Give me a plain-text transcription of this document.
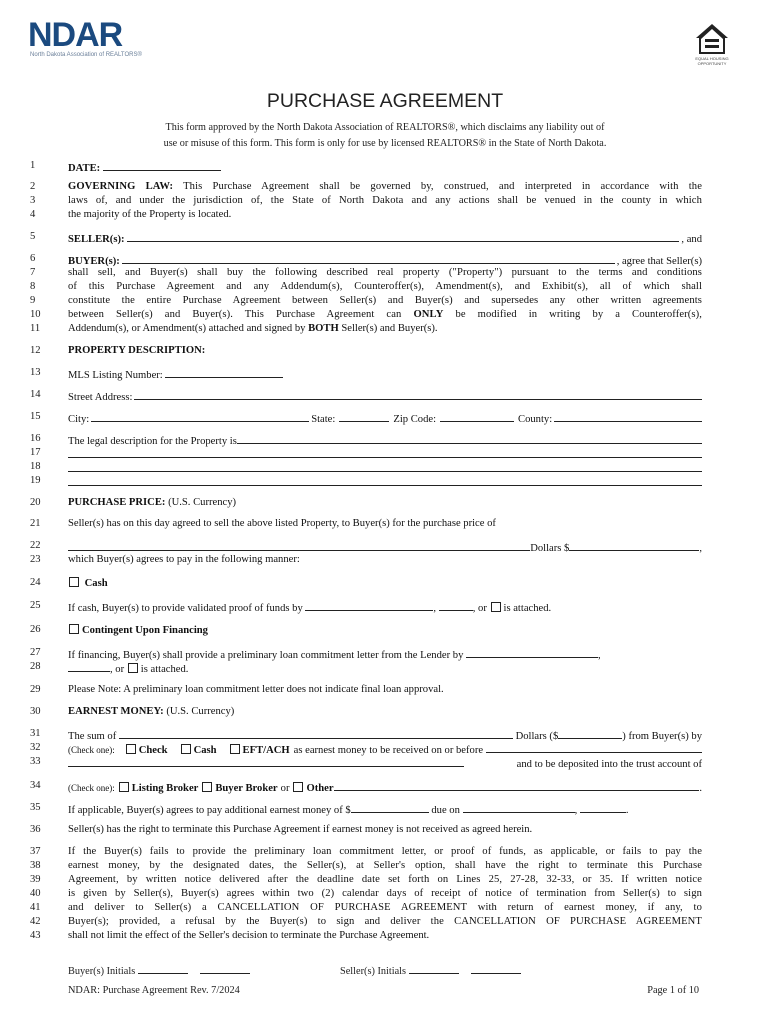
NDAR
North Dakota Association of REALTORS®
EQUAL HOUSING OPPORTUNITY
PURCHASE AGREEMENT
This form approved by the North Dakota Association of REALTORS®, which disclaims any liability out of
use or misuse of this form. This form is only for use by licensed REALTORS® in the State of North Dakota.
1
2
3
4
5
6
7
8
9
10
11
12
13
14
15
16
17
18
19
20
21
22
23
24
25
26
27
28
29
30
31
32
33
34
35
36
37
38
39
40
41
42
43
DATE:
GOVERNING LAW: This Purchase Agreement shall be governed by, construed, and interpreted in accordance with the
laws of, and under the jurisdiction of, the State of North Dakota and any actions shall be venued in the county in which
the majority of the Property is located.
SELLER(s):	, and
BUYER(s):	, agree that Seller(s)
shall sell, and Buyer(s) shall buy the following described real property ("Property") pursuant to the terms and conditions
of this Purchase Agreement and any Addendum(s), Counteroffer(s), Amendment(s), and Exhibit(s), all of which shall
constitute the entire Purchase Agreement between Seller(s) and Buyer(s) and supersedes any other written agreements
between Seller(s) and Buyer(s). This Purchase Agreement can ONLY be modified in writing by a Counteroffer(s),
Addendum(s), or Amendment(s) attached and signed by BOTH Seller(s) and Buyer(s).
PROPERTY DESCRIPTION:
MLS Listing Number:
Street Address:
City:	State:	Zip Code:	County:
The legal description for the Property is
PURCHASE PRICE: (U.S. Currency)
Seller(s) has on this day agreed to sell the above listed Property, to Buyer(s) for the purchase price of
Dollars $	,
which Buyer(s) agrees to pay in the following manner:
Cash
If cash, Buyer(s) to provide validated proof of funds by	,	, or is attached.
Contingent Upon Financing
If financing, Buyer(s) shall provide a preliminary loan commitment letter from the Lender by	,
, or is attached.
Please Note: A preliminary loan commitment letter does not indicate final loan approval.
EARNEST MONEY: (U.S. Currency)
The sum of	Dollars ($	) from Buyer(s) by
(Check one):	Check	Cash	EFT/ACH as earnest money to be received on or before
and to be deposited into the trust account of
(Check one):	Listing Broker	Buyer Broker or	Other	.
If applicable, Buyer(s) agrees to pay additional earnest money of $	due on	,	.
Seller(s) has the right to terminate this Purchase Agreement if earnest money is not received as agreed herein.
If the Buyer(s) fails to provide the preliminary loan commitment letter, or proof of funds, as applicable, or fails to pay the
earnest money, by the designated dates, the Seller(s), at Seller's option, shall have the right to terminate this Purchase
Agreement, by written notice delivered after the deadline date set forth on Lines 25, 27-28, 32-33, or 35. If written notice
is given by Seller(s), Buyer(s) agrees within two (2) calendar days of receipt of notice of termination from Seller(s) to sign
and deliver to Seller(s) a CANCELLATION OF PURCHASE AGREEMENT with return of earnest money, if any, to
Buyer(s); provided, a refusal by the Buyer(s) to sign and deliver the CANCELLATION OF PURCHASE AGREEMENT
shall not limit the effect of the Seller's decision to terminate the Purchase Agreement.
Buyer(s) Initials	Seller(s) Initials
NDAR: Purchase Agreement Rev. 7/2024	Page 1 of 10
